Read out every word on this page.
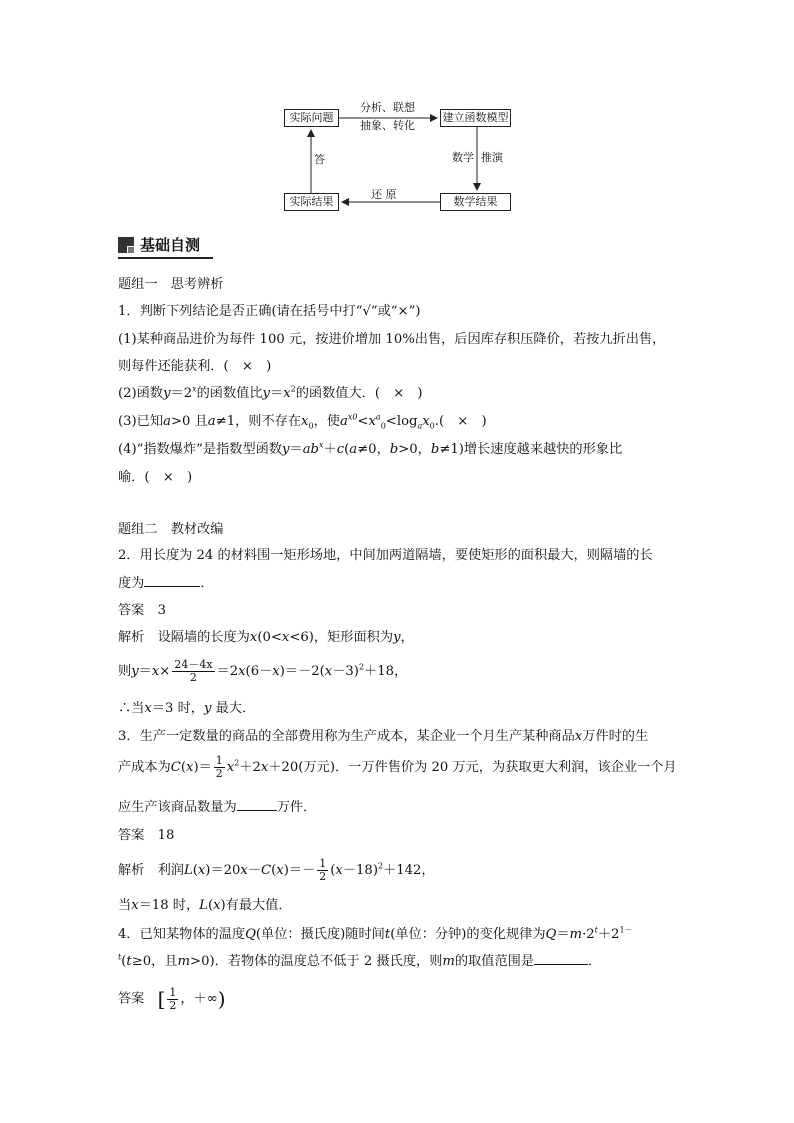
实际问题	建立函数模型
实际结果	数学结果
分析、联想
抽象、转化
数学 推演
还 原
答
基础自测
题组一　思考辨析
1．判断下列结论是否正确(请在括号中打“√”或“×”)
(1)某种商品进价为每件 100 元，按进价增加 10%出售，后因库存积压降价，若按九折出售，
则每件还能获利．(　×　)
(2)函数$y=2^x$的函数值比$y=x^2$的函数值大．(　×　)
(3)已知a>0 且a≠1，则不存在$x_0$，使$a^{x0}<x^a_0<\log_ax_0$.(　×　)
(4)“指数爆炸”是指数型函数$y=ab^x+c(a\ne 0$，b>0，b≠1)增长速度越来越快的形象比
喻．(　×　)
题组二　教材改编
2．用长度为 24 的材料围一矩形场地，中间加两道隔墙，要使矩形的面积最大，则隔墙的长
度为	．
答案　 3
解析　 设隔墙的长度为x(0<x<6)，矩形面积为y，
则$y=x\times \frac{24-4x}{2} =2x(6-x)=-2(x-3)^2+18$，
∴当x＝3 时，y 最大．
3．生产一定数量的商品的全部费用称为生产成本，某企业一个月生产某种商品x万件时的生
产成本为$C(x)= \frac{1}{2} x^2+2x+20$(万元)．一万件售价为 20 万元，为获取更大利润，该企业一个月
应生产该商品数量为	万件．
答案　 18
解析　 利润$L(x)=20x-C(x)=- \frac{1}{2} (x-18)^2+142$，
当x＝18 时，L(x)有最大值．
4．已知某物体的温度Q(单位：摄氏度)随时间t(单位：分钟)的变化规律为$Q=m\cdot 2^t+2^{1-}$
$^t$(t≥0，且m>0)．若物体的温度总不低于 2 摄氏度，则m的取值范围是	．
答案　 [ $\frac{1}{2}$ ，＋∞)
